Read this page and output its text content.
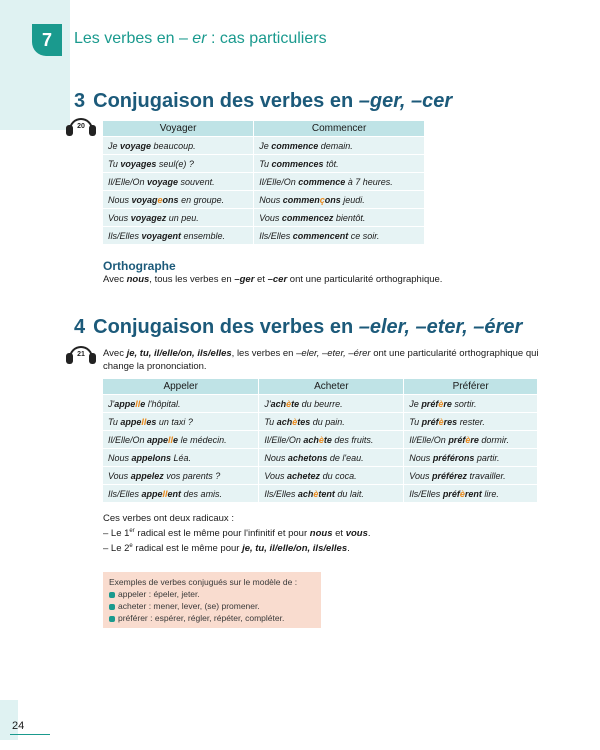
7	Les verbes en – er : cas particuliers
3 Conjugaison des verbes en –ger, –cer
20	Voyager	Commencer
Je voyage beaucoup.	Je commence demain.
Tu voyages seul(e) ?	Tu commences tôt.
Il/Elle/On voyage souvent.	Il/Elle/On commence à 7 heures.
Nous voyageons en groupe.	Nous commençons jeudi.
Vous voyagez un peu.	Vous commencez bientôt.
Ils/Elles voyagent ensemble.	Ils/Elles commencent ce soir.
Orthographe
Avec nous, tous les verbes en –ger et –cer ont une particularité orthographique.
4 Conjugaison des verbes en –eler, –eter, –érer
21	Avec je, tu, il/elle/on, ils/elles, les verbes en –eler, –eter, –érer ont une particularité orthographique qui change la prononciation.
Appeler	Acheter	Préférer
J'appelle l'hôpital.	J'achète du beurre.	Je préfère sortir.
Tu appelles un taxi ?	Tu achètes du pain.	Tu préfères rester.
Il/Elle/On appelle le médecin.	Il/Elle/On achète des fruits.	Il/Elle/On préfère dormir.
Nous appelons Léa.	Nous achetons de l'eau.	Nous préférons partir.
Vous appelez vos parents ?	Vous achetez du coca.	Vous préférez travailler.
Ils/Elles appellent des amis.	Ils/Elles achètent du lait.	Ils/Elles préfèrent lire.
Ces verbes ont deux radicaux :
– Le 1er radical est le même pour l'infinitif et pour nous et vous.
– Le 2e radical est le même pour je, tu, il/elle/on, ils/elles.
Exemples de verbes conjugués sur le modèle de :
appeler : épeler, jeter.
acheter : mener, lever, (se) promener.
préférer : espérer, régler, répéter, compléter.
24
